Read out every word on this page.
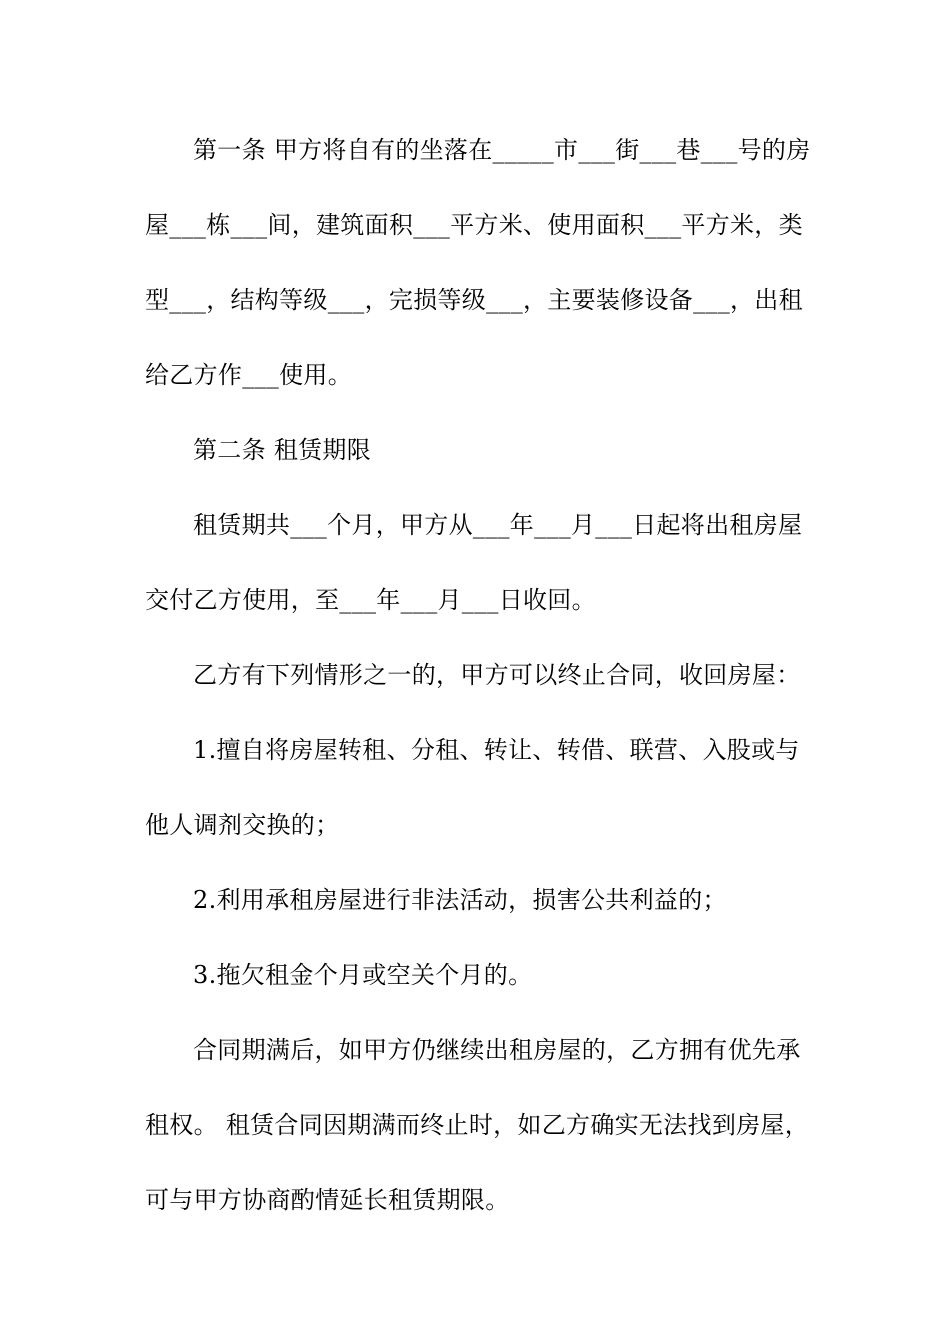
第一条 甲方将自有的坐落在_____市___街___巷___号的房
屋___栋___间，建筑面积___平方米、使用面积___平方米，类
型___，结构等级___，完损等级___，主要装修设备___，出租
给乙方作___使用。
第二条 租赁期限
租赁期共___个月，甲方从___年___月___日起将出租房屋
交付乙方使用，至___年___月___日收回。
乙方有下列情形之一的，甲方可以终止合同，收回房屋：
1.擅自将房屋转租、分租、转让、转借、联营、入股或与
他人调剂交换的；
2.利用承租房屋进行非法活动，损害公共利益的；
3.拖欠租金个月或空关个月的。
合同期满后，如甲方仍继续出租房屋的，乙方拥有优先承
租权。 租赁合同因期满而终止时，如乙方确实无法找到房屋，
可与甲方协商酌情延长租赁期限。
